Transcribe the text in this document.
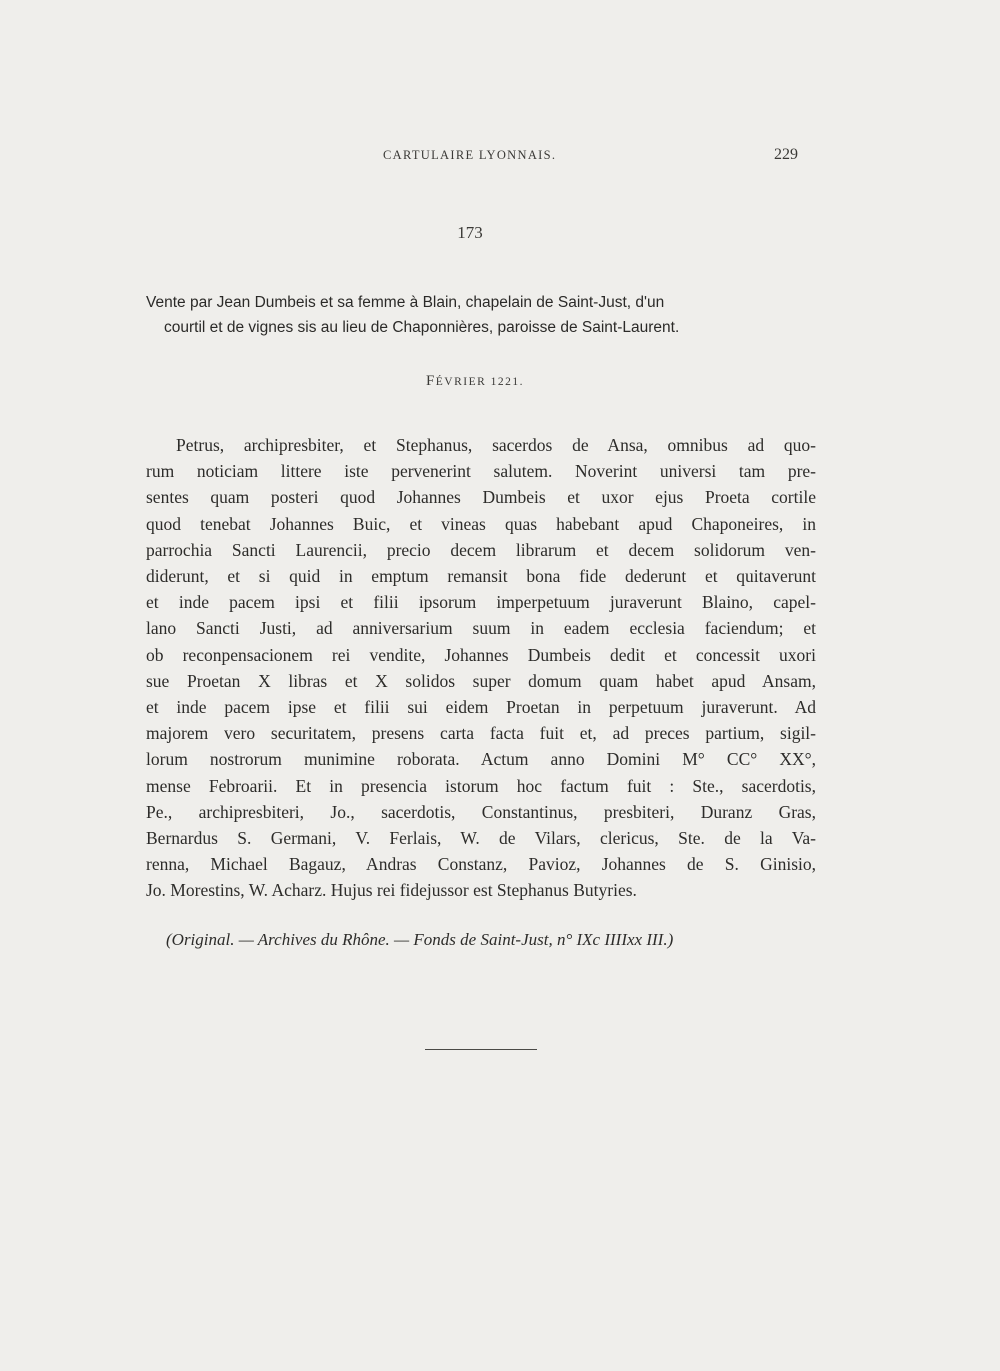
CARTULAIRE LYONNAIS.	229
173
Vente par Jean Dumbeis et sa femme à Blain, chapelain de Saint-Just, d'un
courtil et de vignes sis au lieu de Chaponnières, paroisse de Saint-Laurent.
FÉVRIER 1221.
Petrus, archipresbiter, et Stephanus, sacerdos de Ansa, omnibus ad quo-
rum noticiam littere iste pervenerint salutem. Noverint universi tam pre-
sentes quam posteri quod Johannes Dumbeis et uxor ejus Proeta cortile
quod tenebat Johannes Buic, et vineas quas habebant apud Chaponeires, in
parrochia Sancti Laurencii, precio decem librarum et decem solidorum ven-
diderunt, et si quid in emptum remansit bona fide dederunt et quitaverunt
et inde pacem ipsi et filii ipsorum imperpetuum juraverunt Blaino, capel-
lano Sancti Justi, ad anniversarium suum in eadem ecclesia faciendum; et
ob reconpensacionem rei vendite, Johannes Dumbeis dedit et concessit uxori
sue Proetan X libras et X solidos super domum quam habet apud Ansam,
et inde pacem ipse et filii sui eidem Proetan in perpetuum juraverunt. Ad
majorem vero securitatem, presens carta facta fuit et, ad preces partium, sigil-
lorum nostrorum munimine roborata. Actum anno Domini M° CC° XX°,
mense Febroarii. Et in presencia istorum hoc factum fuit : Ste., sacerdotis,
Pe., archipresbiteri, Jo., sacerdotis, Constantinus, presbiteri, Duranz Gras,
Bernardus S. Germani, V. Ferlais, W. de Vilars, clericus, Ste. de la Va-
renna, Michael Bagauz, Andras Constanz, Pavioz, Johannes de S. Ginisio,
Jo. Morestins, W. Acharz. Hujus rei fidejussor est Stephanus Butyries.
(Original. — Archives du Rhône. — Fonds de Saint-Just, n° IXc IIIIxx III.)
